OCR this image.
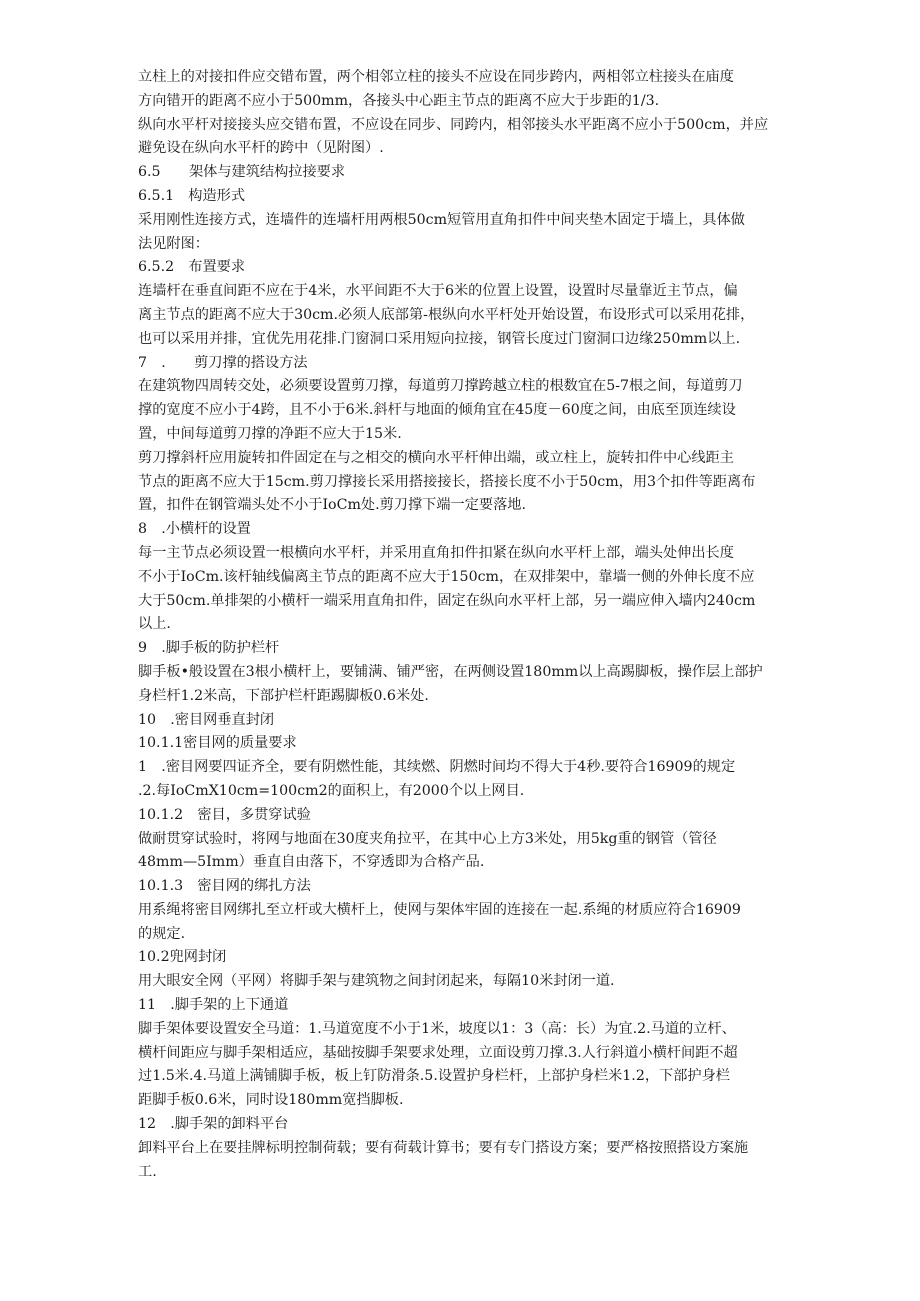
立柱上的对接扣件应交错布置，两个相邻立柱的接头不应设在同步跨内，两相邻立柱接头在庙度
方向错开的距离不应小于500mm，各接头中心距主节点的距离不应大于步距的1/3.
纵向水平杆对接接头应交错布置，不应设在同步、同跨内，相邻接头水平距离不应小于500cm，并应
避免设在纵向水平杆的跨中（见附图）.
6.5　　架体与建筑结构拉接要求
6.5.1　构造形式
采用刚性连接方式，连墙件的连墙杆用两根50cm短管用直角扣件中间夹垫木固定于墙上，具体做
法见附图：
6.5.2　布置要求
连墙杆在垂直间距不应在于4米，水平间距不大于6米的位置上设置，设置时尽量靠近主节点，偏
离主节点的距离不应大于30cm.必须人底部第-根纵向水平杆处开始设置，布设形式可以采用花排，
也可以采用并排，宜优先用花排.门窗洞口采用短向拉接，钢管长度过门窗洞口边缘250mm以上.
7　.　　剪刀撑的搭设方法
在建筑物四周转交处，必须要设置剪刀撑，每道剪刀撑跨越立柱的根数宜在5-7根之间，每道剪刀
撑的宽度不应小于4跨，且不小于6米.斜杆与地面的倾角宜在45度－60度之间，由底至顶连续设
置，中间每道剪刀撑的净距不应大于15米.
剪刀撑斜杆应用旋转扣件固定在与之相交的横向水平杆伸出端，或立柱上，旋转扣件中心线距主
节点的距离不应大于15cm.剪刀撑接长采用搭接接长，搭接长度不小于50cm，用3个扣件等距离布
置，扣件在钢管端头处不小于IoCm处.剪刀撑下端一定要落地.
8　.小横杆的设置
每一主节点必须设置一根横向水平杆，并采用直角扣件扣紧在纵向水平杆上部，端头处伸出长度
不小于IoCm.该杆轴线偏离主节点的距离不应大于150cm，在双排架中，靠墙一侧的外伸长度不应
大于50cm.单排架的小横杆一端采用直角扣件，固定在纵向水平杆上部，另一端应伸入墙内240cm
以上.
9　.脚手板的防护栏杆
脚手板•般设置在3根小横杆上，要铺满、铺严密，在两侧设置180mm以上高踢脚板，操作层上部护
身栏杆1.2米高，下部护栏杆距踢脚板0.6米处.
10　.密目网垂直封闭
10.1.1密目网的质量要求
1　.密目网要四证齐全，要有阴燃性能，其续燃、阴燃时间均不得大于4秒.要符合16909的规定
.2.每IoCmX10cm=100cm2的面积上，有2000个以上网目.
10.1.2　密目，多贯穿试验
做耐贯穿试验时，将网与地面在30度夹角拉平，在其中心上方3米处，用5kg重的钢管（管径
48mm—5Imm）垂直自由落下，不穿透即为合格产品.
10.1.3　密目网的绑扎方法
用系绳将密目网绑扎至立杆或大横杆上，使网与架体牢固的连接在一起.系绳的材质应符合16909
的规定.
10.2兜网封闭
用大眼安全网（平网）将脚手架与建筑物之间封闭起来，每隔10米封闭一道.
11　.脚手架的上下通道
脚手架体要设置安全马道：1.马道宽度不小于1米，坡度以1：3（高：长）为宜.2.马道的立杆、
横杆间距应与脚手架相适应，基础按脚手架要求处理，立面设剪刀撑.3.人行斜道小横杆间距不超
过1.5米.4.马道上满铺脚手板，板上钉防滑条.5.设置护身栏杆，上部护身栏米1.2，下部护身栏
距脚手板0.6米，同时设180mm宽挡脚板.
12　.脚手架的卸料平台
卸料平台上在要挂牌标明控制荷载；要有荷载计算书；要有专门搭设方案；要严格按照搭设方案施
工.
